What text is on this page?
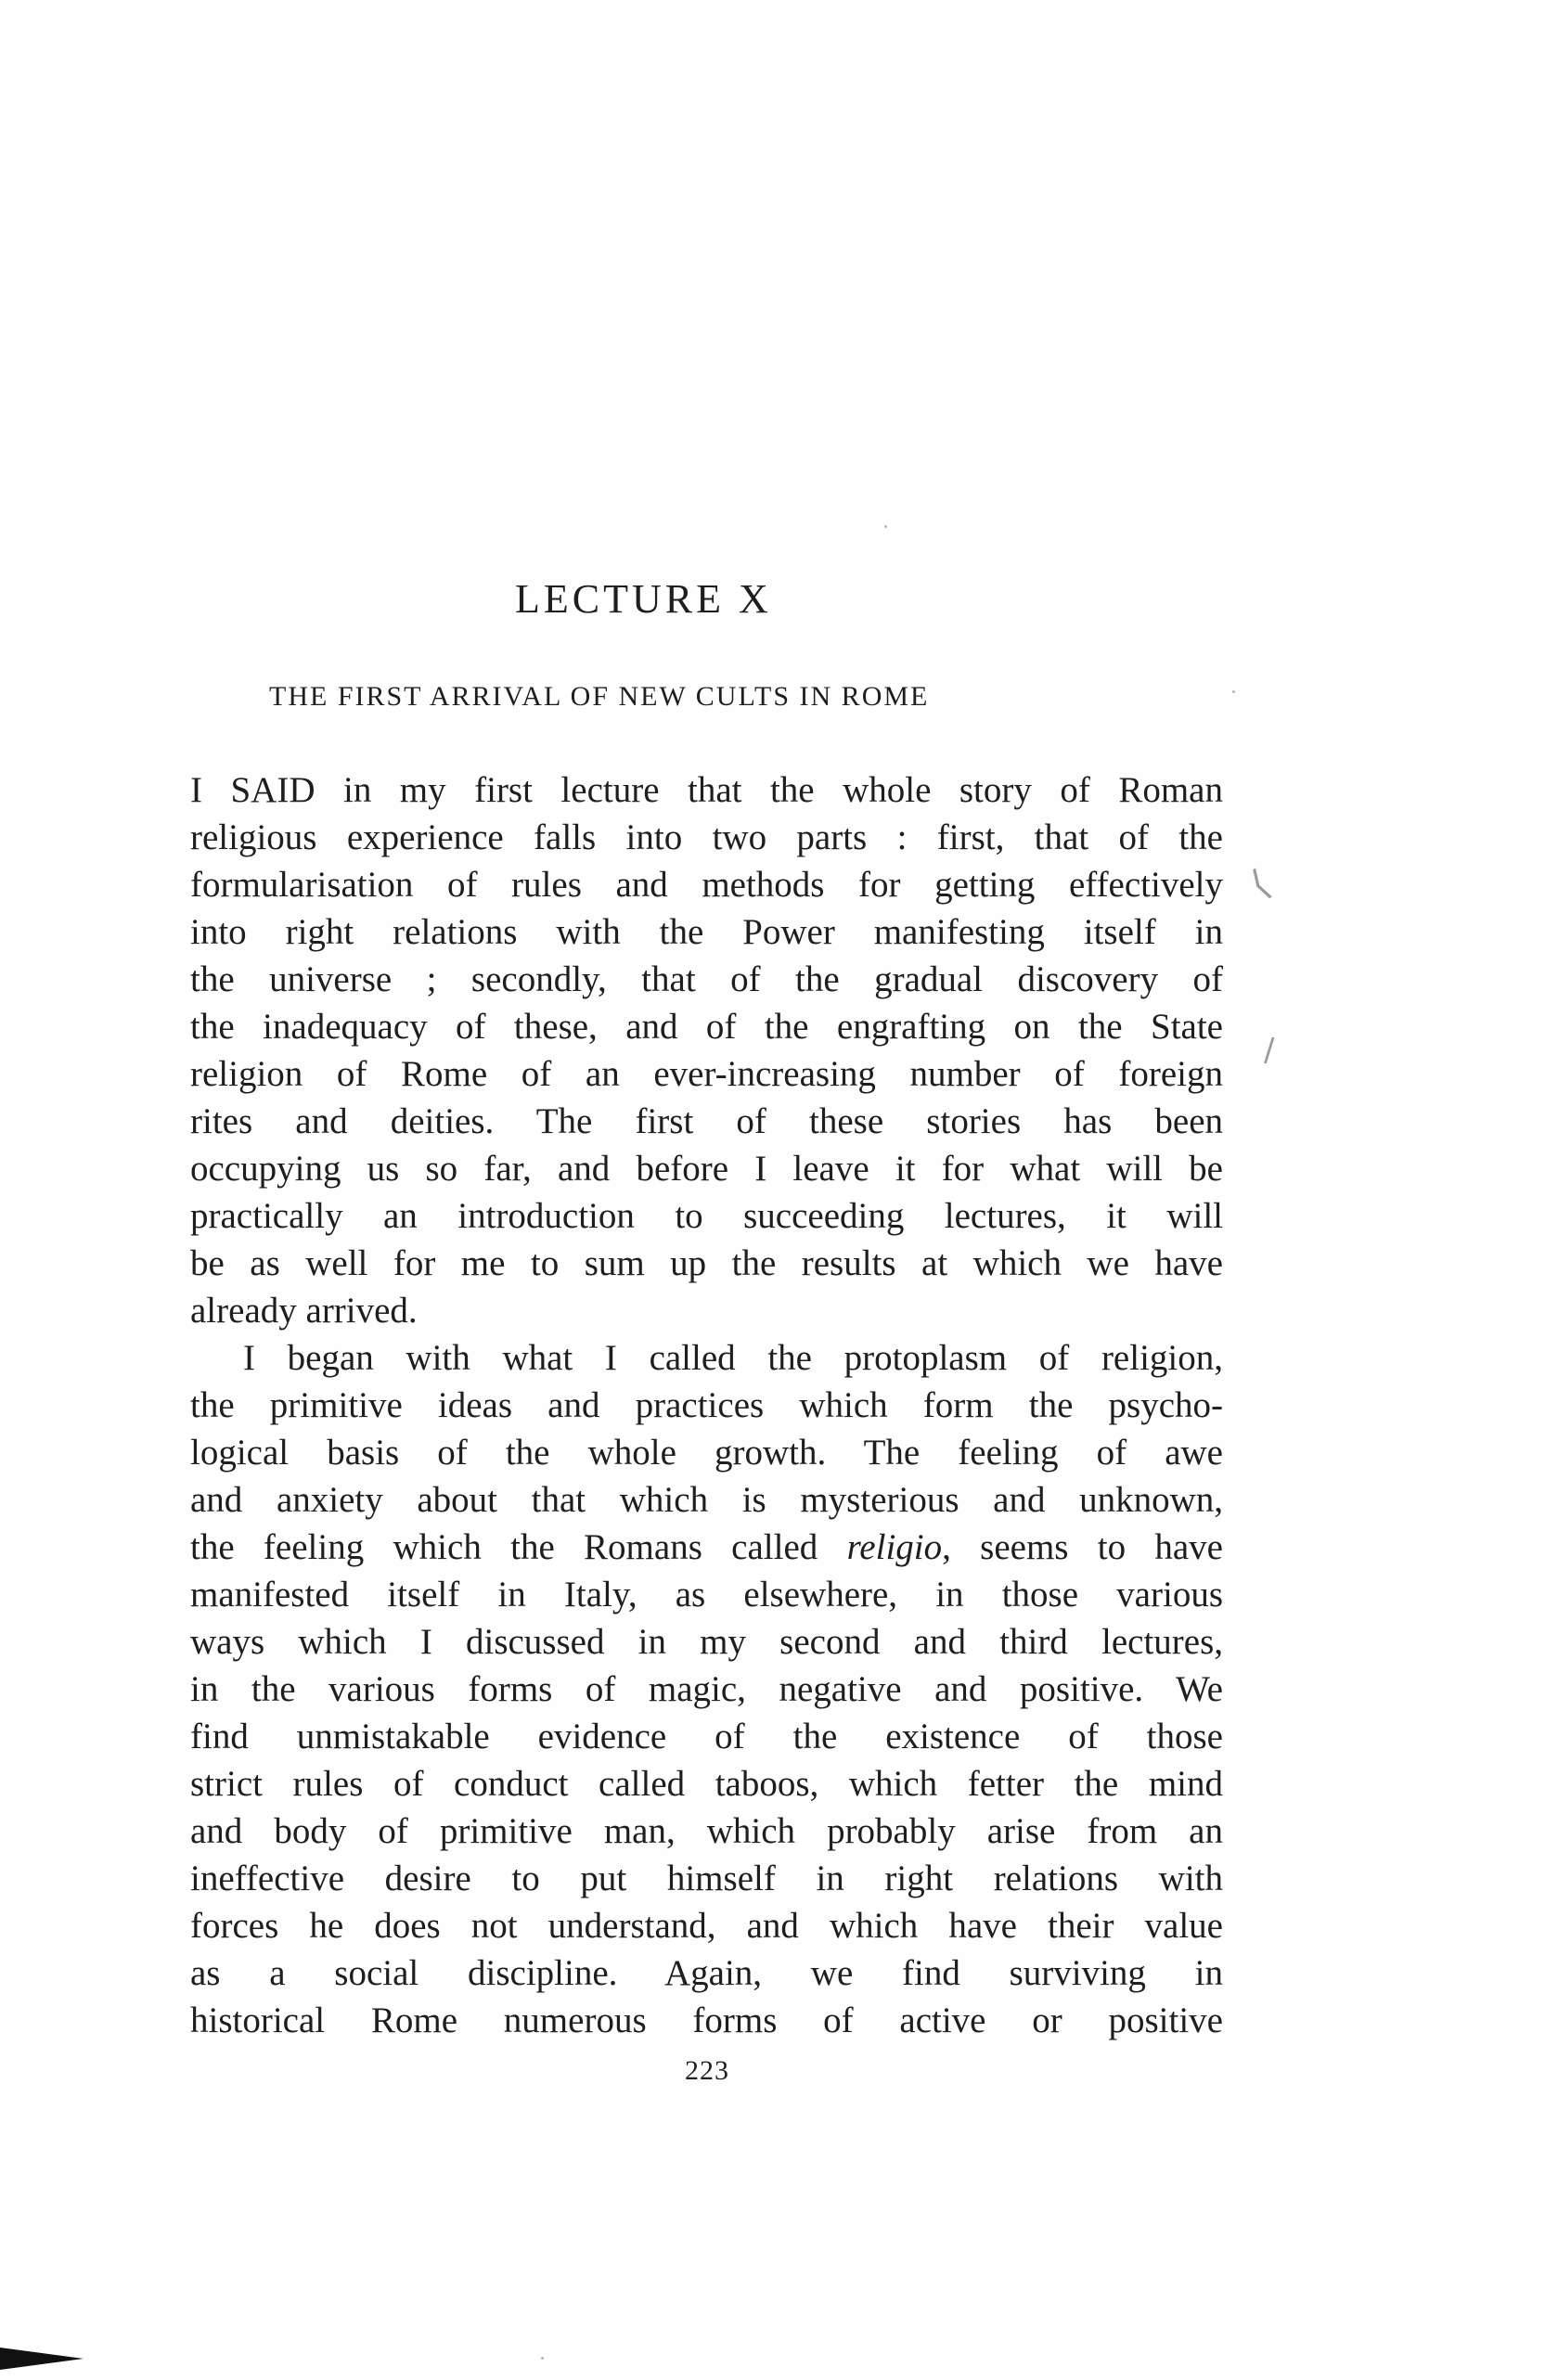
LECTURE X
THE FIRST ARRIVAL OF NEW CULTS IN ROME
I SAID in my first lecture that the whole story of Roman
religious experience falls into two parts : first, that of the
formularisation of rules and methods for getting effectively
into right relations with the Power manifesting itself in
the universe ; secondly, that of the gradual discovery of
the inadequacy of these, and of the engrafting on the State
religion of Rome of an ever-increasing number of foreign
rites and deities. The first of these stories has been
occupying us so far, and before I leave it for what will be
practically an introduction to succeeding lectures, it will
be as well for me to sum up the results at which we have
already arrived.
I began with what I called the protoplasm of religion,
the primitive ideas and practices which form the psycho-
logical basis of the whole growth. The feeling of awe
and anxiety about that which is mysterious and unknown,
the feeling which the Romans called religio, seems to have
manifested itself in Italy, as elsewhere, in those various
ways which I discussed in my second and third lectures,
in the various forms of magic, negative and positive. We
find unmistakable evidence of the existence of those
strict rules of conduct called taboos, which fetter the mind
and body of primitive man, which probably arise from an
ineffective desire to put himself in right relations with
forces he does not understand, and which have their value
as a social discipline. Again, we find surviving in
historical Rome numerous forms of active or positive
223
⟨
/
